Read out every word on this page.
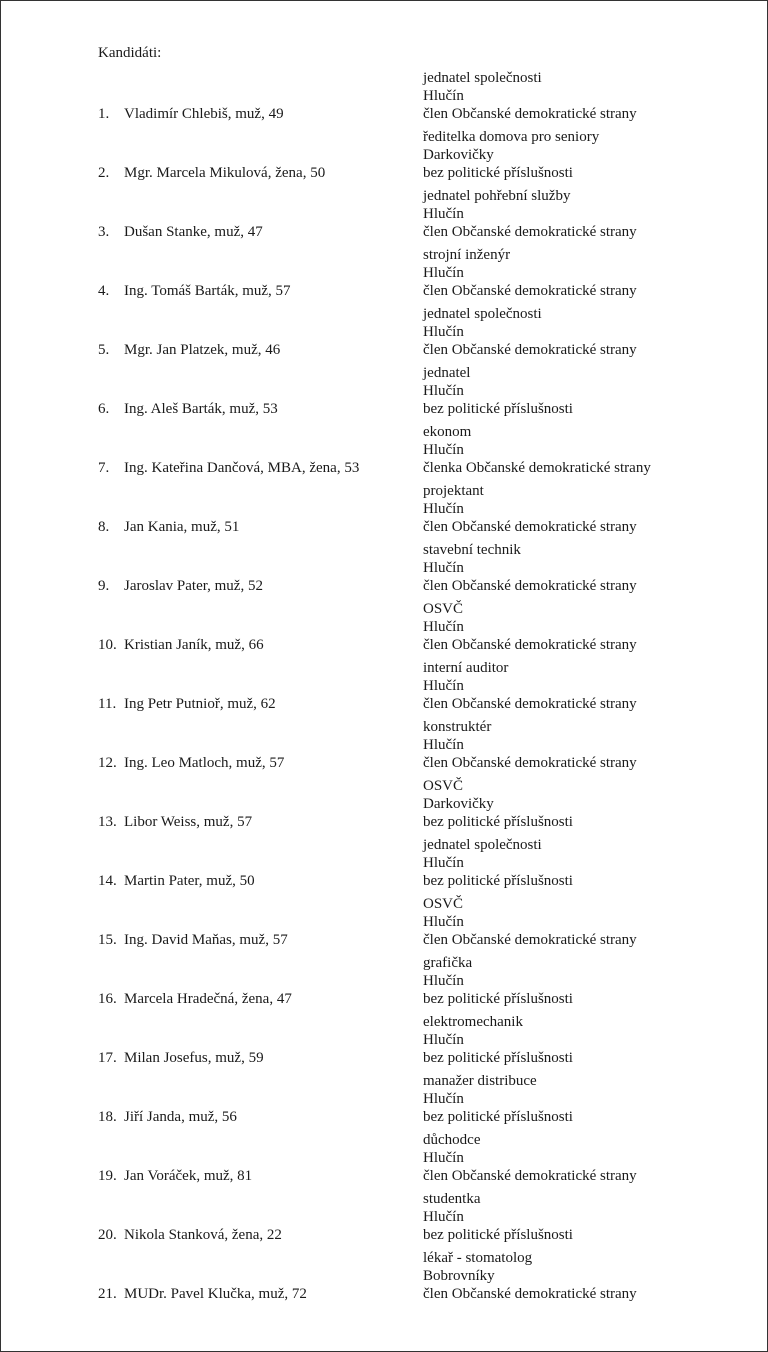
Kandidáti:
jednatel společnosti
Hlučín
člen Občanské demokratické strany
1. Vladimír Chlebiš, muž, 49
ředitelka domova pro seniory
Darkovičky
bez politické příslušnosti
2. Mgr. Marcela Mikulová, žena, 50
jednatel pohřební služby
Hlučín
člen Občanské demokratické strany
3. Dušan Stanke, muž, 47
strojní inženýr
Hlučín
člen Občanské demokratické strany
4. Ing. Tomáš Barták, muž, 57
jednatel společnosti
Hlučín
člen Občanské demokratické strany
5. Mgr. Jan Platzek, muž, 46
jednatel
Hlučín
bez politické příslušnosti
6. Ing. Aleš Barták, muž, 53
ekonom
Hlučín
členka Občanské demokratické strany
7. Ing. Kateřina Dančová, MBA, žena, 53
projektant
Hlučín
člen Občanské demokratické strany
8. Jan Kania, muž, 51
stavební technik
Hlučín
člen Občanské demokratické strany
9. Jaroslav Pater, muž, 52
OSVČ
Hlučín
člen Občanské demokratické strany
10. Kristian Janík, muž, 66
interní auditor
Hlučín
člen Občanské demokratické strany
11. Ing Petr Putnioř, muž, 62
konstruktér
Hlučín
člen Občanské demokratické strany
12. Ing. Leo Matloch, muž, 57
OSVČ
Darkovičky
bez politické příslušnosti
13. Libor Weiss, muž, 57
jednatel společnosti
Hlučín
bez politické příslušnosti
14. Martin Pater, muž, 50
OSVČ
Hlučín
člen Občanské demokratické strany
15. Ing. David Maňas, muž, 57
grafička
Hlučín
bez politické příslušnosti
16. Marcela Hradečná, žena, 47
elektromechanik
Hlučín
bez politické příslušnosti
17. Milan Josefus, muž, 59
manažer distribuce
Hlučín
bez politické příslušnosti
18. Jiří Janda, muž, 56
důchodce
Hlučín
člen Občanské demokratické strany
19. Jan Voráček, muž, 81
studentka
Hlučín
bez politické příslušnosti
20. Nikola Stanková, žena, 22
lékař - stomatolog
Bobrovníky
člen Občanské demokratické strany
21. MUDr. Pavel Klučka, muž, 72
